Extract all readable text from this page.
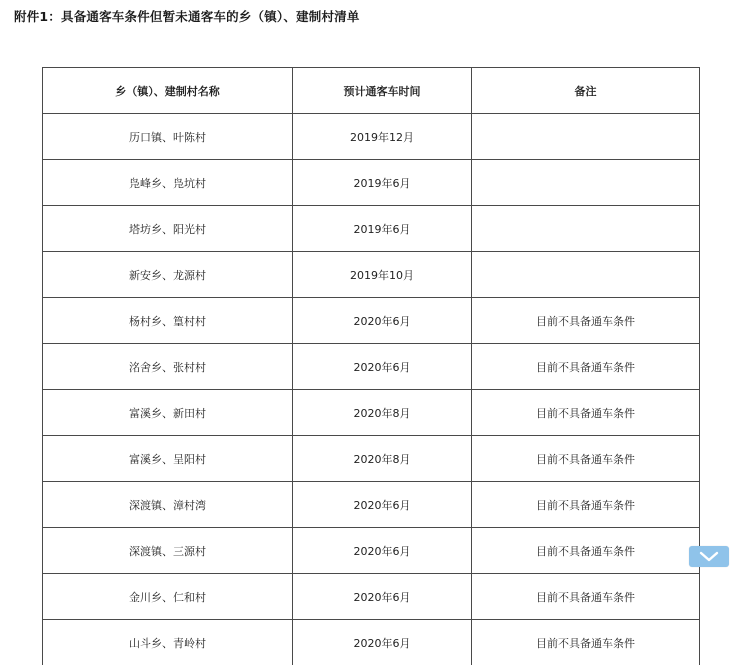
附件1：具备通客车条件但暂未通客车的乡（镇）、建制村清单
乡（镇）、建制村名称	预计通客车时间	备注
历口镇、叶陈村	2019年12月	
凫峰乡、凫坑村	2019年6月	
塔坊乡、阳光村	2019年6月	
新安乡、龙源村	2019年10月	
杨村乡、篁村村	2020年6月	目前不具备通车条件
洺舍乡、张村村	2020年6月	目前不具备通车条件
富溪乡、新田村	2020年8月	目前不具备通车条件
富溪乡、呈阳村	2020年8月	目前不具备通车条件
深渡镇、漳村湾	2020年6月	目前不具备通车条件
深渡镇、三源村	2020年6月	目前不具备通车条件
金川乡、仁和村	2020年6月	目前不具备通车条件
山斗乡、青岭村	2020年6月	目前不具备通车条件
